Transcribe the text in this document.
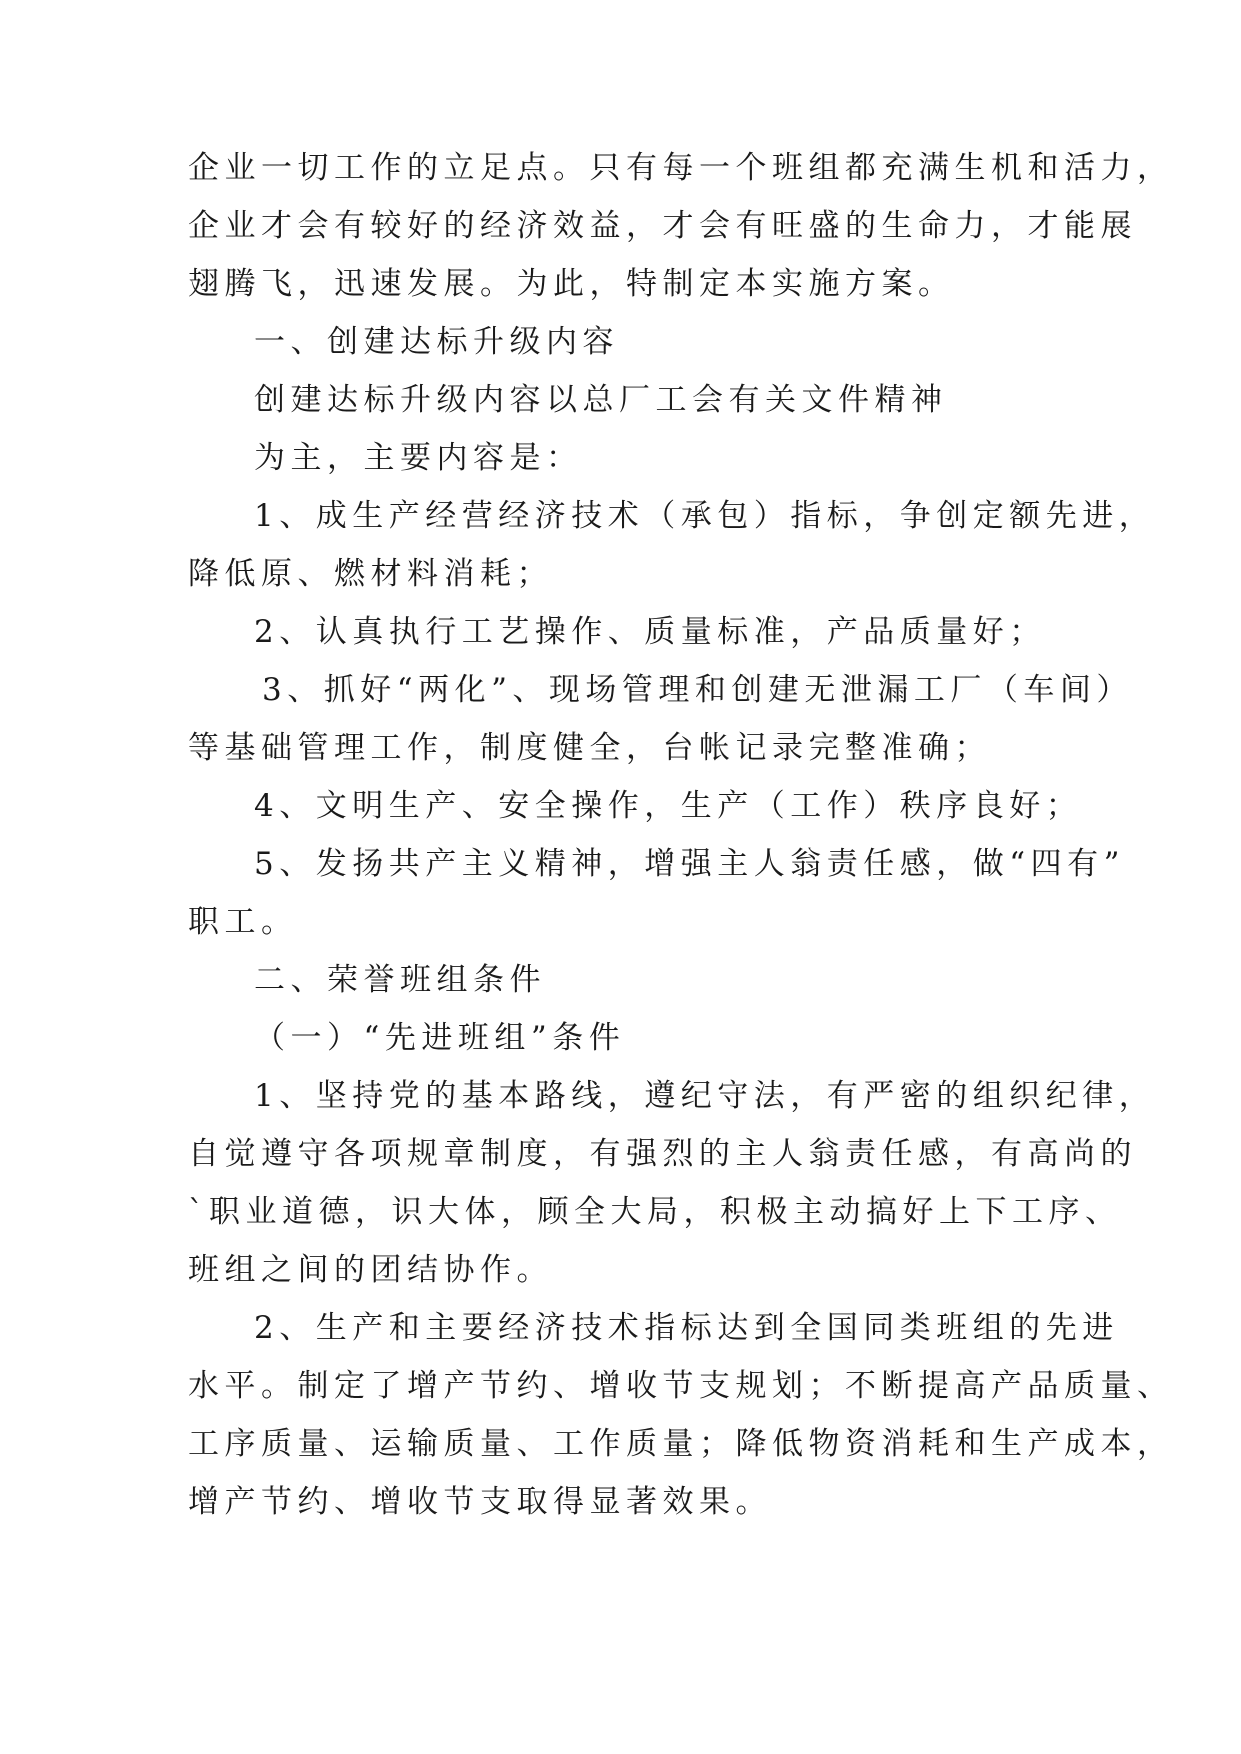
企业一切工作的立足点。只有每一个班组都充满生机和活力，
企业才会有较好的经济效益，才会有旺盛的生命力，才能展
翅腾飞，迅速发展。为此，特制定本实施方案。
一、创建达标升级内容
创建达标升级内容以总厂工会有关文件精神
为主，主要内容是：
1、成生产经营经济技术（承包）指标，争创定额先进，
降低原、燃材料消耗；
2、认真执行工艺操作、质量标准，产品质量好；
3、抓好“两化”、现场管理和创建无泄漏工厂（车间）
等基础管理工作，制度健全，台帐记录完整准确；
4、文明生产、安全操作，生产（工作）秩序良好；
5、发扬共产主义精神，增强主人翁责任感，做“四有”
职工。
二、荣誉班组条件
（一）“先进班组”条件
1、坚持党的基本路线，遵纪守法，有严密的组织纪律，
自觉遵守各项规章制度，有强烈的主人翁责任感，有高尚的
`职业道德，识大体，顾全大局，积极主动搞好上下工序、
班组之间的团结协作。
2、生产和主要经济技术指标达到全国同类班组的先进
水平。制定了增产节约、增收节支规划；不断提高产品质量、
工序质量、运输质量、工作质量；降低物资消耗和生产成本，
增产节约、增收节支取得显著效果。
